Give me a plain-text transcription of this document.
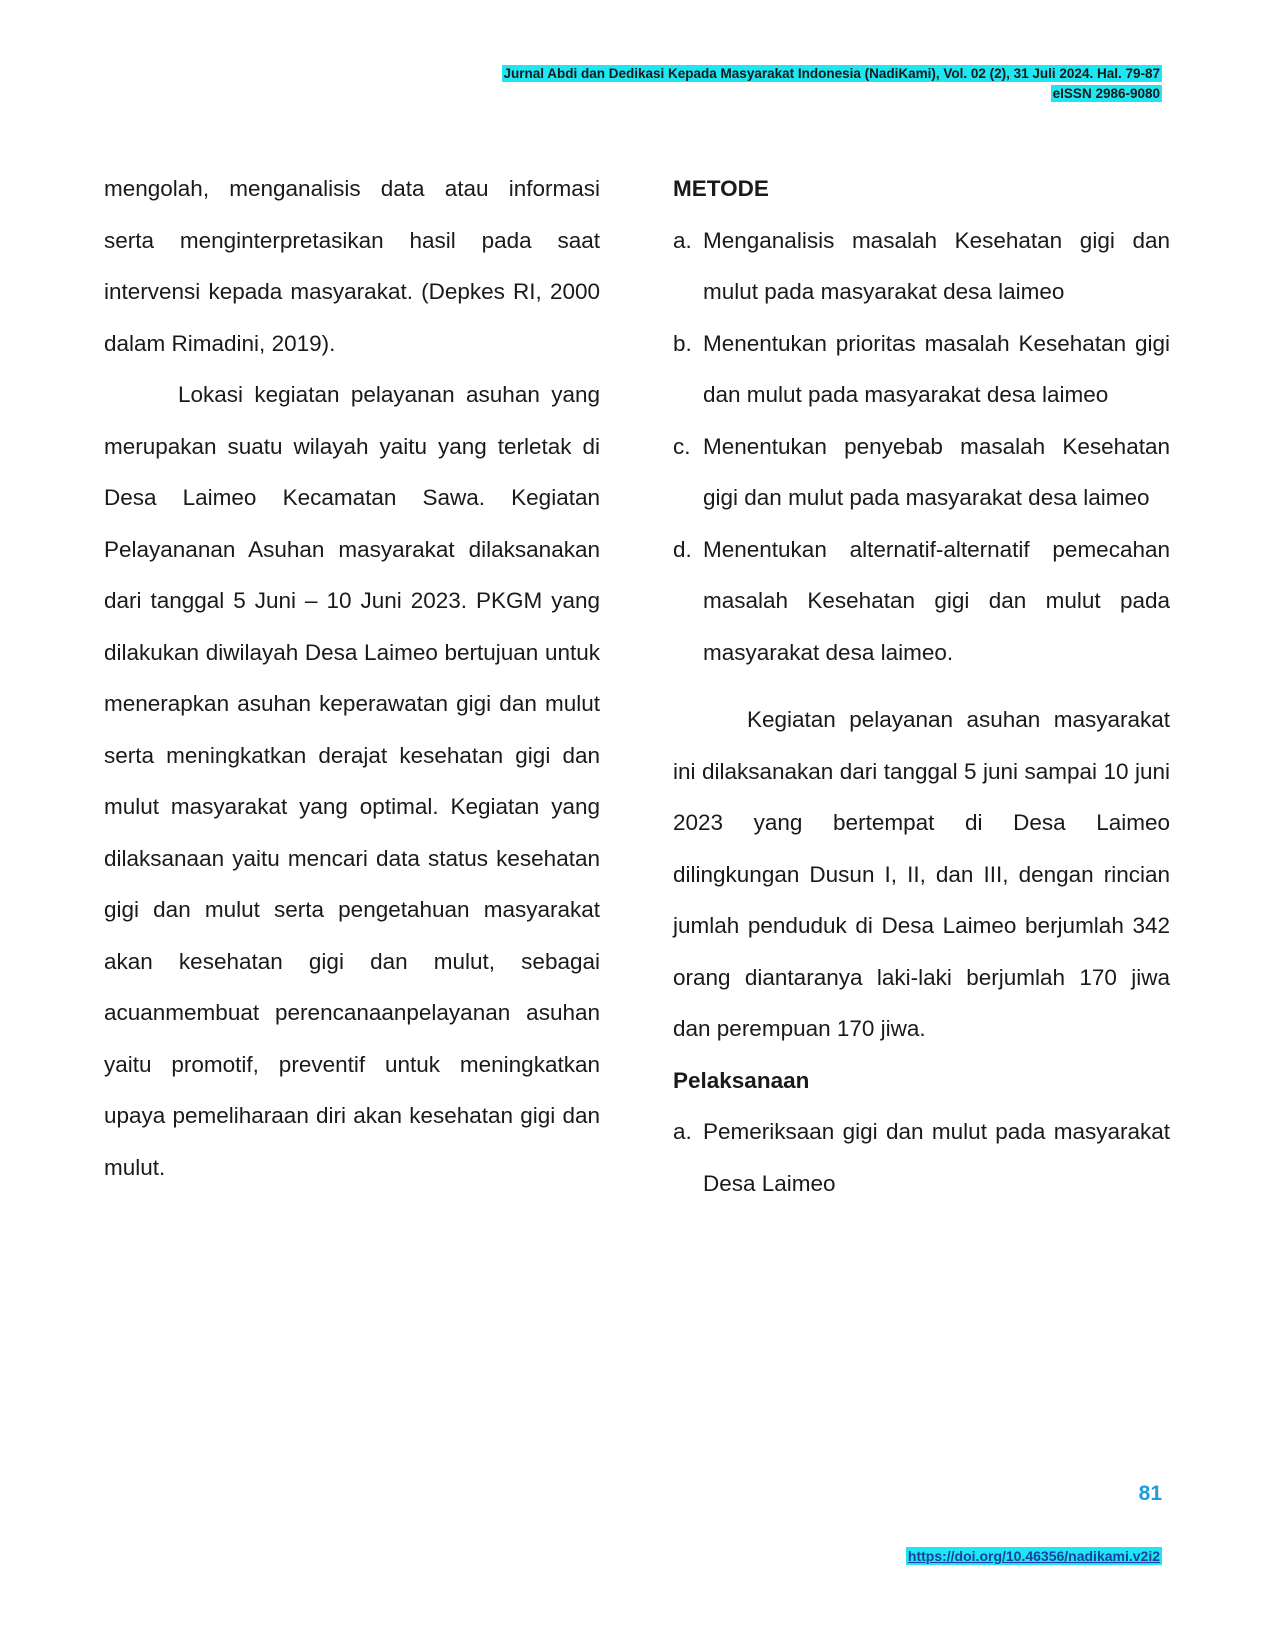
Jurnal Abdi dan Dedikasi Kepada Masyarakat Indonesia (NadiKami), Vol. 02 (2), 31 Juli 2024. Hal. 79-87
eISSN 2986-9080

mengolah, menganalisis data atau informasi serta menginterpretasikan hasil pada saat intervensi kepada masyarakat. (Depkes RI, 2000 dalam Rimadini, 2019).

Lokasi kegiatan pelayanan asuhan yang merupakan suatu wilayah yaitu yang terletak di Desa Laimeo Kecamatan Sawa. Kegiatan Pelayananan Asuhan masyarakat dilaksanakan dari tanggal 5 Juni – 10 Juni 2023. PKGM yang dilakukan diwilayah Desa Laimeo bertujuan untuk menerapkan asuhan keperawatan gigi dan mulut serta meningkatkan derajat kesehatan gigi dan mulut masyarakat yang optimal. Kegiatan yang dilaksanaan yaitu mencari data status kesehatan gigi dan mulut serta pengetahuan masyarakat akan kesehatan gigi dan mulut, sebagai acuanmembuat perencanaanpelayanan asuhan yaitu promotif, preventif untuk meningkatkan upaya pemeliharaan diri akan kesehatan gigi dan mulut.

METODE

a. Menganalisis masalah Kesehatan gigi dan mulut pada masyarakat desa laimeo
b. Menentukan prioritas masalah Kesehatan gigi dan mulut pada masyarakat desa laimeo
c. Menentukan penyebab masalah Kesehatan gigi dan mulut pada masyarakat desa laimeo
d. Menentukan alternatif-alternatif pemecahan masalah Kesehatan gigi dan mulut pada masyarakat desa laimeo.

Kegiatan pelayanan asuhan masyarakat ini dilaksanakan dari tanggal 5 juni sampai 10 juni 2023 yang bertempat di Desa Laimeo dilingkungan Dusun I, II, dan III, dengan rincian jumlah penduduk di Desa Laimeo berjumlah 342 orang diantaranya laki-laki berjumlah 170 jiwa dan perempuan 170 jiwa.

Pelaksanaan

a. Pemeriksaan gigi dan mulut pada masyarakat Desa Laimeo
81
https://doi.org/10.46356/nadikami.v2i2
